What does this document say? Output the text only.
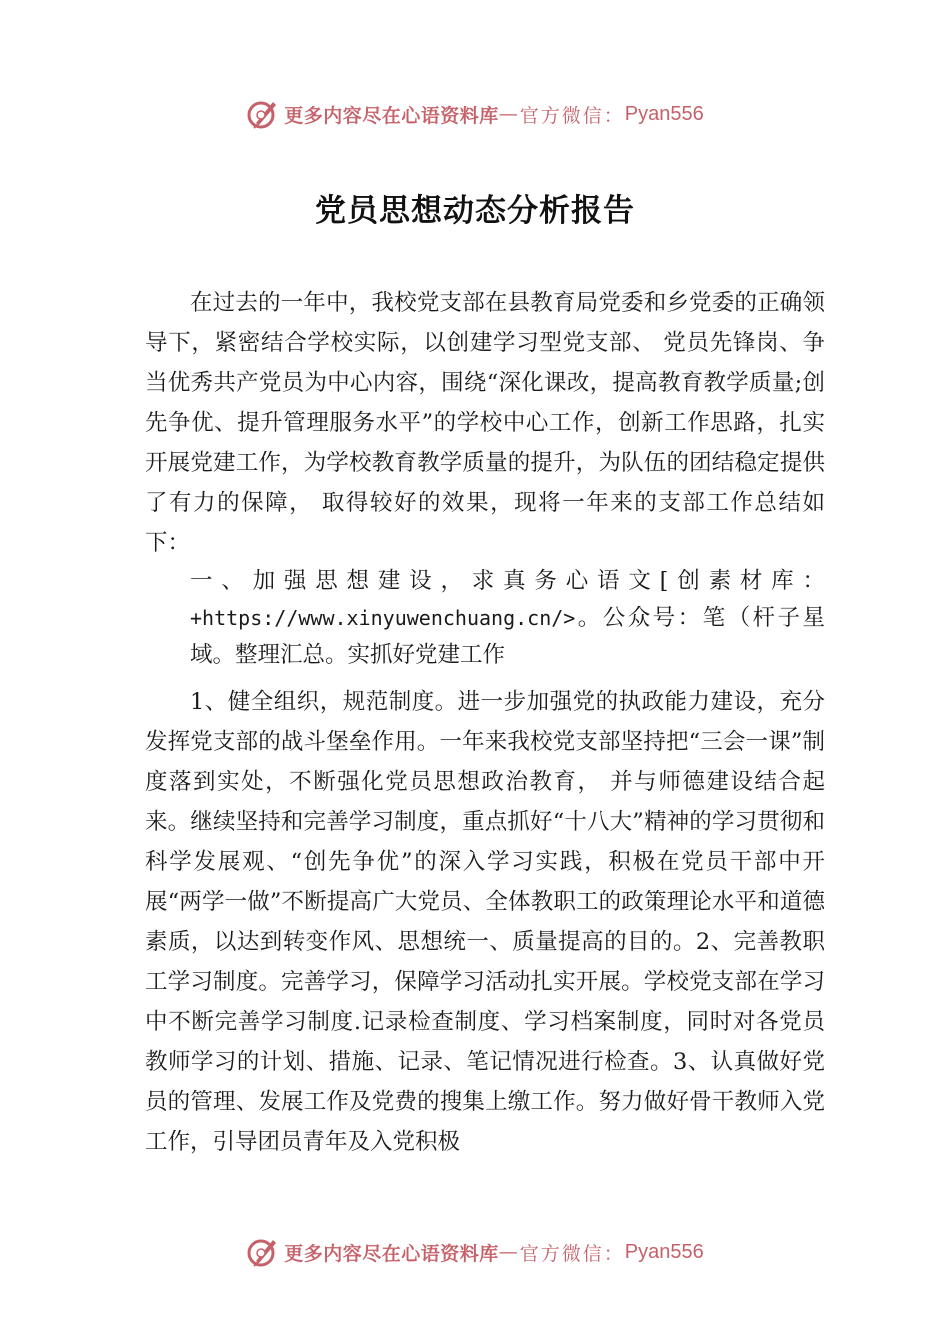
更多内容尽在心语资料库 — 官方微信： Pyan556
党员思想动态分析报告

在过去的一年中，我校党支部在县教育局党委和乡党委的正确领导下，紧密结合学校实际，以创建学习型党支部、 党员先锋岗、争当优秀共产党员为中心内容，围绕“深化课改，提高教育教学质量;创先争优、提升管理服务水平”的学校中心工作，创新工作思路，扎实开展党建工作，为学校教育教学质量的提升，为队伍的团结稳定提供了有力的保障， 取得较好的效果，现将一年来的支部工作总结如下：

一、加强思想建设，求真务心语文[创素材库：+https://www.xinyuwenchuang.cn/>。公众号：笔（杆子星域。整理汇总。实抓好党建工作

1、健全组织，规范制度。进一步加强党的执政能力建设，充分发挥党支部的战斗堡垒作用。一年来我校党支部坚持把“三会一课”制度落到实处，不断强化党员思想政治教育， 并与师德建设结合起来。继续坚持和完善学习制度，重点抓好“十八大”精神的学习贯彻和科学发展观、“创先争优”的深入学习实践，积极在党员干部中开展“两学一做”不断提高广大党员、全体教职工的政策理论水平和道德素质，以达到转变作风、思想统一、质量提高的目的。2、完善教职工学习制度。完善学习，保障学习活动扎实开展。学校党支部在学习中不断完善学习制度.记录检查制度、学习档案制度，同时对各党员教师学习的计划、措施、记录、笔记情况进行检查。3、认真做好党员的管理、发展工作及党费的搜集上缴工作。努力做好骨干教师入党工作，引导团员青年及入党积极

更多内容尽在心语资料库 — 官方微信： Pyan556
